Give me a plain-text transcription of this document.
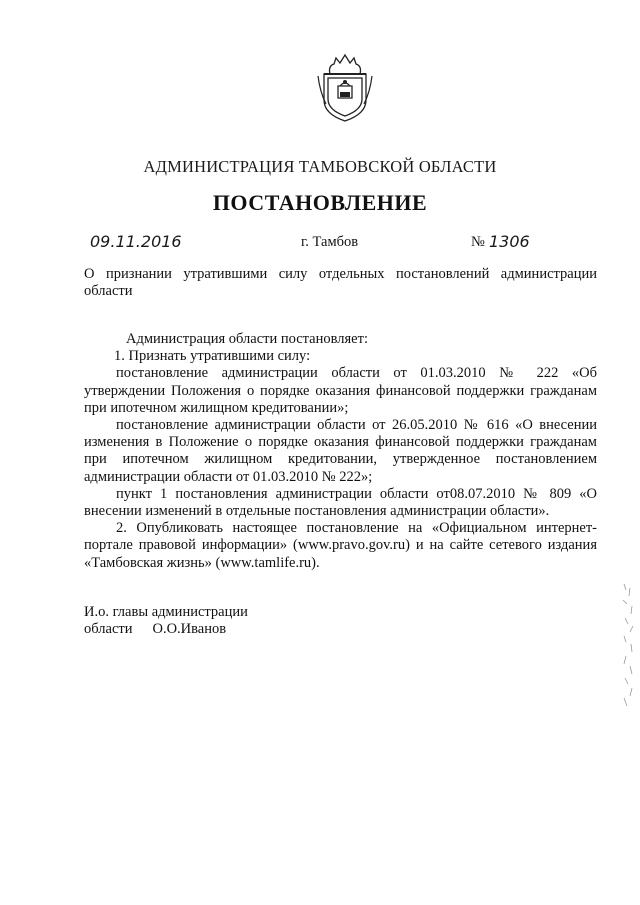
АДМИНИСТРАЦИЯ ТАМБОВСКОЙ ОБЛАСТИ
ПОСТАНОВЛЕНИЕ
09.11.2016	г. Тамбов	№ 1306
О признании утратившими силу отдельных постановлений администрации области

Администрация области постановляет:

1. Признать утратившими силу:

постановление администрации области от 01.03.2010 № 222 «Об утверждении Положения о порядке оказания финансовой поддержки гражданам при ипотечном жилищном кредитовании»;

постановление администрации области от 26.05.2010 № 616 «О внесении изменения в Положение о порядке оказания финансовой поддержки гражданам при ипотечном жилищном кредитовании, утвержденное постановлением администрации области от 01.03.2010 № 222»;

пункт 1 постановления администрации области от08.07.2010 № 809 «О внесении изменений в отдельные постановления администрации области».

2. Опубликовать настоящее постановление на «Официальном интернет-портале правовой информации» (www.pravo.gov.ru) и на сайте сетевого издания «Тамбовская жизнь» (www.tamlife.ru).

И.о. главы администрации
области О.О.Иванов
